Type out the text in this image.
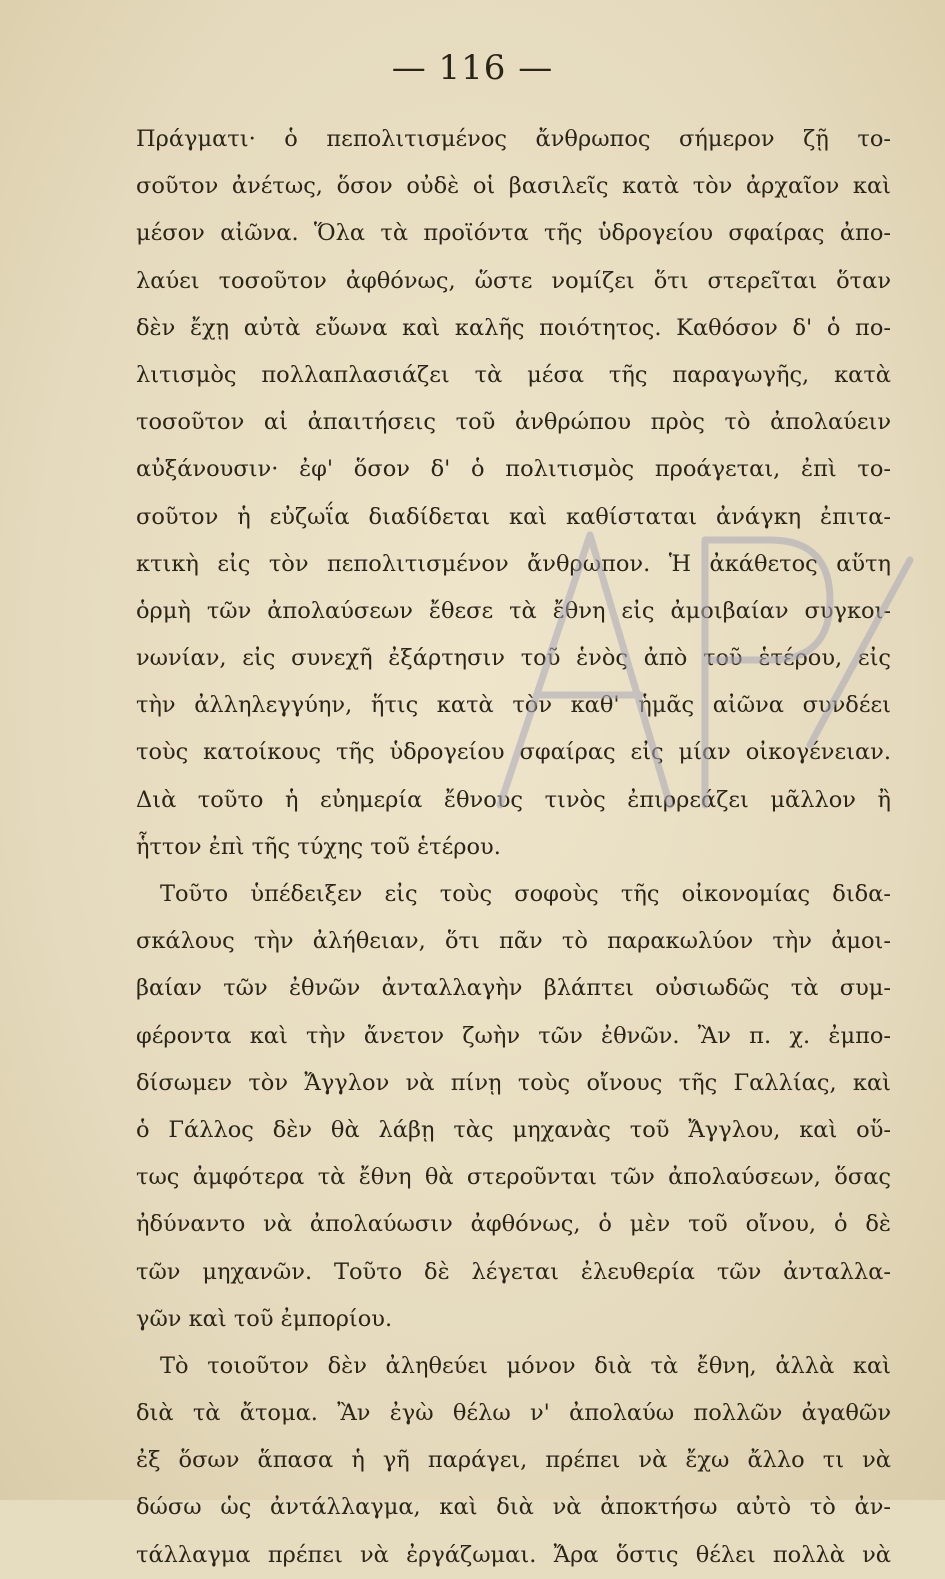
— 116 —
Πράγματι· ὁ πεπολιτισμένος ἄνθρωπος σήμερον ζῇ το-
σοῦτον ἀνέτως, ὅσον οὐδὲ οἱ βασιλεῖς κατὰ τὸν ἀρχαῖον καὶ
μέσον αἰῶνα. Ὅλα τὰ προϊόντα τῆς ὑδρογείου σφαίρας ἀπο-
λαύει τοσοῦτον ἀφθόνως, ὥστε νομίζει ὅτι στερεῖται ὅταν
δὲν ἔχῃ αὐτὰ εὔωνα καὶ καλῆς ποιότητος. Καθόσον δ' ὁ πο-
λιτισμὸς πολλαπλασιάζει τὰ μέσα τῆς παραγωγῆς, κατὰ
τοσοῦτον αἱ ἀπαιτήσεις τοῦ ἀνθρώπου πρὸς τὸ ἀπολαύειν
αὐξάνουσιν· ἐφ' ὅσον δ' ὁ πολιτισμὸς προάγεται, ἐπὶ το-
σοῦτον ἡ εὐζωΐα διαδίδεται καὶ καθίσταται ἀνάγκη ἐπιτα-
κτικὴ εἰς τὸν πεπολιτισμένον ἄνθρωπον. Ἡ ἀκάθετος αὕτη
ὁρμὴ τῶν ἀπολαύσεων ἔθεσε τὰ ἔθνη εἰς ἀμοιβαίαν συγκοι-
νωνίαν, εἰς συνεχῆ ἐξάρτησιν τοῦ ἑνὸς ἀπὸ τοῦ ἑτέρου, εἰς
τὴν ἀλληλεγγύην, ἥτις κατὰ τὸν καθ' ἡμᾶς αἰῶνα συνδέει
τοὺς κατοίκους τῆς ὑδρογείου σφαίρας εἰς μίαν οἰκογένειαν.
Διὰ τοῦτο ἡ εὐημερία ἔθνους τινὸς ἐπιρρεάζει μᾶλλον ἢ
ἧττον ἐπὶ τῆς τύχης τοῦ ἑτέρου.
Τοῦτο ὑπέδειξεν εἰς τοὺς σοφοὺς τῆς οἰκονομίας διδα-
σκάλους τὴν ἀλήθειαν, ὅτι πᾶν τὸ παρακωλύον τὴν ἀμοι-
βαίαν τῶν ἐθνῶν ἀνταλλαγὴν βλάπτει οὐσιωδῶς τὰ συμ-
φέροντα καὶ τὴν ἄνετον ζωὴν τῶν ἐθνῶν. Ἂν π. χ. ἐμπο-
δίσωμεν τὸν Ἄγγλον νὰ πίνῃ τοὺς οἴνους τῆς Γαλλίας, καὶ
ὁ Γάλλος δὲν θὰ λάβῃ τὰς μηχανὰς τοῦ Ἄγγλου, καὶ οὕ-
τως ἀμφότερα τὰ ἔθνη θὰ στεροῦνται τῶν ἀπολαύσεων, ὅσας
ἠδύναντο νὰ ἀπολαύωσιν ἀφθόνως, ὁ μὲν τοῦ οἴνου, ὁ δὲ
τῶν μηχανῶν. Τοῦτο δὲ λέγεται ἐλευθερία τῶν ἀνταλλα-
γῶν καὶ τοῦ ἐμπορίου.
Τὸ τοιοῦτον δὲν ἀληθεύει μόνον διὰ τὰ ἔθνη, ἀλλὰ καὶ
διὰ τὰ ἄτομα. Ἂν ἐγὼ θέλω ν' ἀπολαύω πολλῶν ἀγαθῶν
ἐξ ὅσων ἅπασα ἡ γῆ παράγει, πρέπει νὰ ἔχω ἄλλο τι νὰ
δώσω ὡς ἀντάλλαγμα, καὶ διὰ νὰ ἀποκτήσω αὐτὸ τὸ ἀν-
τάλλαγμα πρέπει νὰ ἐργάζωμαι. Ἄρα ὅστις θέλει πολλὰ νὰ
